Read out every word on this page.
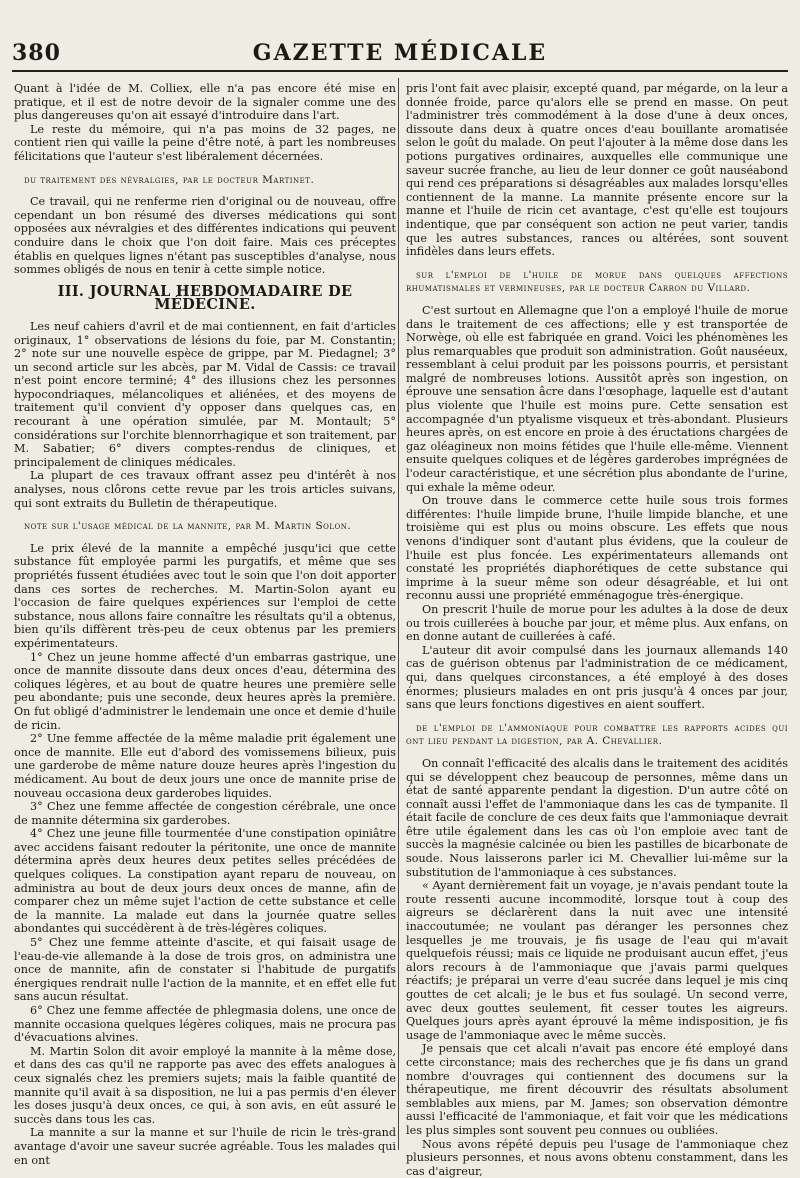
380	GAZETTE MÉDICALE

Quant à l'idée de M. Colliex, elle n'a pas encore été mise en pratique, et il est de notre devoir de la signaler comme une des plus dangereuses qu'on ait essayé d'introduire dans l'art.

Le reste du mémoire, qui n'a pas moins de 32 pages, ne contient rien qui vaille la peine d'être noté, à part les nombreuses félicitations que l'auteur s'est libéralement décernées.

du traitement des névralgies, par le docteur Martinet.

Ce travail, qui ne renferme rien d'original ou de nouveau, offre cependant un bon résumé des diverses médications qui sont opposées aux névralgies et des différentes indications qui peuvent conduire dans le choix que l'on doit faire. Mais ces préceptes établis en quelques lignes n'étant pas susceptibles d'analyse, nous sommes obligés de nous en tenir à cette simple notice.

III. JOURNAL HEBDOMADAIRE DE MÉDECINE.

Les neuf cahiers d'avril et de mai contiennent, en fait d'articles originaux, 1° observations de lésions du foie, par M. Constantin; 2° note sur une nouvelle espèce de grippe, par M. Piedagnel; 3° un second article sur les abcès, par M. Vidal de Cassis: ce travail n'est point encore terminé; 4° des illusions chez les personnes hypocondriaques, mélancoliques et aliénées, et des moyens de traitement qu'il convient d'y opposer dans quelques cas, en recourant à une opération simulée, par M. Montault; 5° considérations sur l'orchite blennorrhagique et son traitement, par M. Sabatier; 6° divers comptes-rendus de cliniques, et principalement de cliniques médicales.

La plupart de ces travaux offrant assez peu d'intérêt à nos analyses, nous clôrons cette revue par les trois articles suivans, qui sont extraits du Bulletin de thérapeutique.

note sur l'usage médical de la mannite, par M. Martin Solon.

Le prix élevé de la mannite a empêché jusqu'ici que cette substance fût employée parmi les purgatifs, et même que ses propriétés fussent étudiées avec tout le soin que l'on doit apporter dans ces sortes de recherches. M. Martin-Solon ayant eu l'occasion de faire quelques expériences sur l'emploi de cette substance, nous allons faire connaître les résultats qu'il a obtenus, bien qu'ils diffèrent très-peu de ceux obtenus par les premiers expérimentateurs.

1° Chez un jeune homme affecté d'un embarras gastrique, une once de mannite dissoute dans deux onces d'eau, détermina des coliques légères, et au bout de quatre heures une première selle peu abondante; puis une seconde, deux heures après la première. On fut obligé d'administrer le lendemain une once et demie d'huile de ricin.

2° Une femme affectée de la même maladie prit également une once de mannite. Elle eut d'abord des vomissemens bilieux, puis une garderobe de même nature douze heures après l'ingestion du médicament. Au bout de deux jours une once de mannite prise de nouveau occasiona deux garderobes liquides.

3° Chez une femme affectée de congestion cérébrale, une once de mannite détermina six garderobes.

4° Chez une jeune fille tourmentée d'une constipation opiniâtre avec accidens faisant redouter la péritonite, une once de mannite détermina après deux heures deux petites selles précédées de quelques coliques. La constipation ayant reparu de nouveau, on administra au bout de deux jours deux onces de manne, afin de comparer chez un même sujet l'action de cette substance et celle de la mannite. La malade eut dans la journée quatre selles abondantes qui succédèrent à de très-légères coliques.

5° Chez une femme atteinte d'ascite, et qui faisait usage de l'eau-de-vie allemande à la dose de trois gros, on administra une once de mannite, afin de constater si l'habitude de purgatifs énergiques rendrait nulle l'action de la mannite, et en effet elle fut sans aucun résultat.

6° Chez une femme affectée de phlegmasia dolens, une once de mannite occasiona quelques légères coliques, mais ne procura pas d'évacuations alvines.

M. Martin Solon dit avoir employé la mannite à la même dose, et dans des cas qu'il ne rapporte pas avec des effets analogues à ceux signalés chez les premiers sujets; mais la faible quantité de mannite qu'il avait à sa disposition, ne lui a pas permis d'en élever les doses jusqu'à deux onces, ce qui, à son avis, en eût assuré le succès dans tous les cas.

La mannite a sur la manne et sur l'huile de ricin le très-grand avantage d'avoir une saveur sucrée agréable. Tous les malades qui en ont

pris l'ont fait avec plaisir, excepté quand, par mégarde, on la leur a donnée froide, parce qu'alors elle se prend en masse. On peut l'administrer très commodément à la dose d'une à deux onces, dissoute dans deux à quatre onces d'eau bouillante aromatisée selon le goût du malade. On peut l'ajouter à la même dose dans les potions purgatives ordinaires, auxquelles elle communique une saveur sucrée franche, au lieu de leur donner ce goût nauséabond qui rend ces préparations si désagréables aux malades lorsqu'elles contiennent de la manne. La mannite présente encore sur la manne et l'huile de ricin cet avantage, c'est qu'elle est toujours indentique, que par conséquent son action ne peut varier, tandis que les autres substances, rances ou altérées, sont souvent infidèles dans leurs effets.

sur l'emploi de l'huile de morue dans quelques affections rhumatismales et vermineuses, par le docteur Carron du Villard.

C'est surtout en Allemagne que l'on a employé l'huile de morue dans le traitement de ces affections; elle y est transportée de Norwège, où elle est fabriquée en grand. Voici les phénomènes les plus remarquables que produit son administration. Goût nauséeux, ressemblant à celui produit par les poissons pourris, et persistant malgré de nombreuses lotions. Aussitôt après son ingestion, on éprouve une sensation âcre dans l'œsophage, laquelle est d'autant plus violente que l'huile est moins pure. Cette sensation est accompagnée d'un ptyalisme visqueux et très-abondant. Plusieurs heures après, on est encore en proie à des éructations chargées de gaz oléagineux non moins fétides que l'huile elle-même. Viennent ensuite quelques coliques et de légères garderobes imprégnées de l'odeur caractéristique, et une sécrétion plus abondante de l'urine, qui exhale la même odeur.

On trouve dans le commerce cette huile sous trois formes différentes: l'huile limpide brune, l'huile limpide blanche, et une troisième qui est plus ou moins obscure. Les effets que nous venons d'indiquer sont d'autant plus évidens, que la couleur de l'huile est plus foncée. Les expérimentateurs allemands ont constaté les propriétés diaphorétiques de cette substance qui imprime à la sueur même son odeur désagréable, et lui ont reconnu aussi une propriété emménagogue très-énergique.

On prescrit l'huile de morue pour les adultes à la dose de deux ou trois cuillerées à bouche par jour, et même plus. Aux enfans, on en donne autant de cuillerées à café.

L'auteur dit avoir compulsé dans les journaux allemands 140 cas de guérison obtenus par l'administration de ce médicament, qui, dans quelques circonstances, a été employé à des doses énormes; plusieurs malades en ont pris jusqu'à 4 onces par jour, sans que leurs fonctions digestives en aient souffert.

de l'emploi de l'ammoniaque pour combattre les rapports acides qui ont lieu pendant la digestion, par A. Chevallier.

On connaît l'efficacité des alcalis dans le traitement des acidités qui se développent chez beaucoup de personnes, même dans un état de santé apparente pendant la digestion. D'un autre côté on connaît aussi l'effet de l'ammoniaque dans les cas de tympanite. Il était facile de conclure de ces deux faits que l'ammoniaque devrait être utile également dans les cas où l'on emploie avec tant de succès la magnésie calcinée ou bien les pastilles de bicarbonate de soude. Nous laisserons parler ici M. Chevallier lui-même sur la substitution de l'ammoniaque à ces substances.

« Ayant dernièrement fait un voyage, je n'avais pendant toute la route ressenti aucune incommodité, lorsque tout à coup des aigreurs se déclarèrent dans la nuit avec une intensité inaccoutumée; ne voulant pas déranger les personnes chez lesquelles je me trouvais, je fis usage de l'eau qui m'avait quelquefois réussi; mais ce liquide ne produisant aucun effet, j'eus alors recours à de l'ammoniaque que j'avais parmi quelques réactifs; je préparai un verre d'eau sucrée dans lequel je mis cinq gouttes de cet alcali; je le bus et fus soulagé. Un second verre, avec deux gouttes seulement, fit cesser toutes les aigreurs. Quelques jours après ayant éprouvé la même indisposition, je fis usage de l'ammoniaque avec le même succès.

Je pensais que cet alcali n'avait pas encore été employé dans cette circonstance; mais des recherches que je fis dans un grand nombre d'ouvrages qui contiennent des documens sur la thérapeutique, me firent découvrir des résultats absolument semblables aux miens, par M. James; son observation démontre aussi l'efficacité de l'ammoniaque, et fait voir que les médications les plus simples sont souvent peu connues ou oubliées.

Nous avons répété depuis peu l'usage de l'ammoniaque chez plusieurs personnes, et nous avons obtenu constamment, dans les cas d'aigreur,
